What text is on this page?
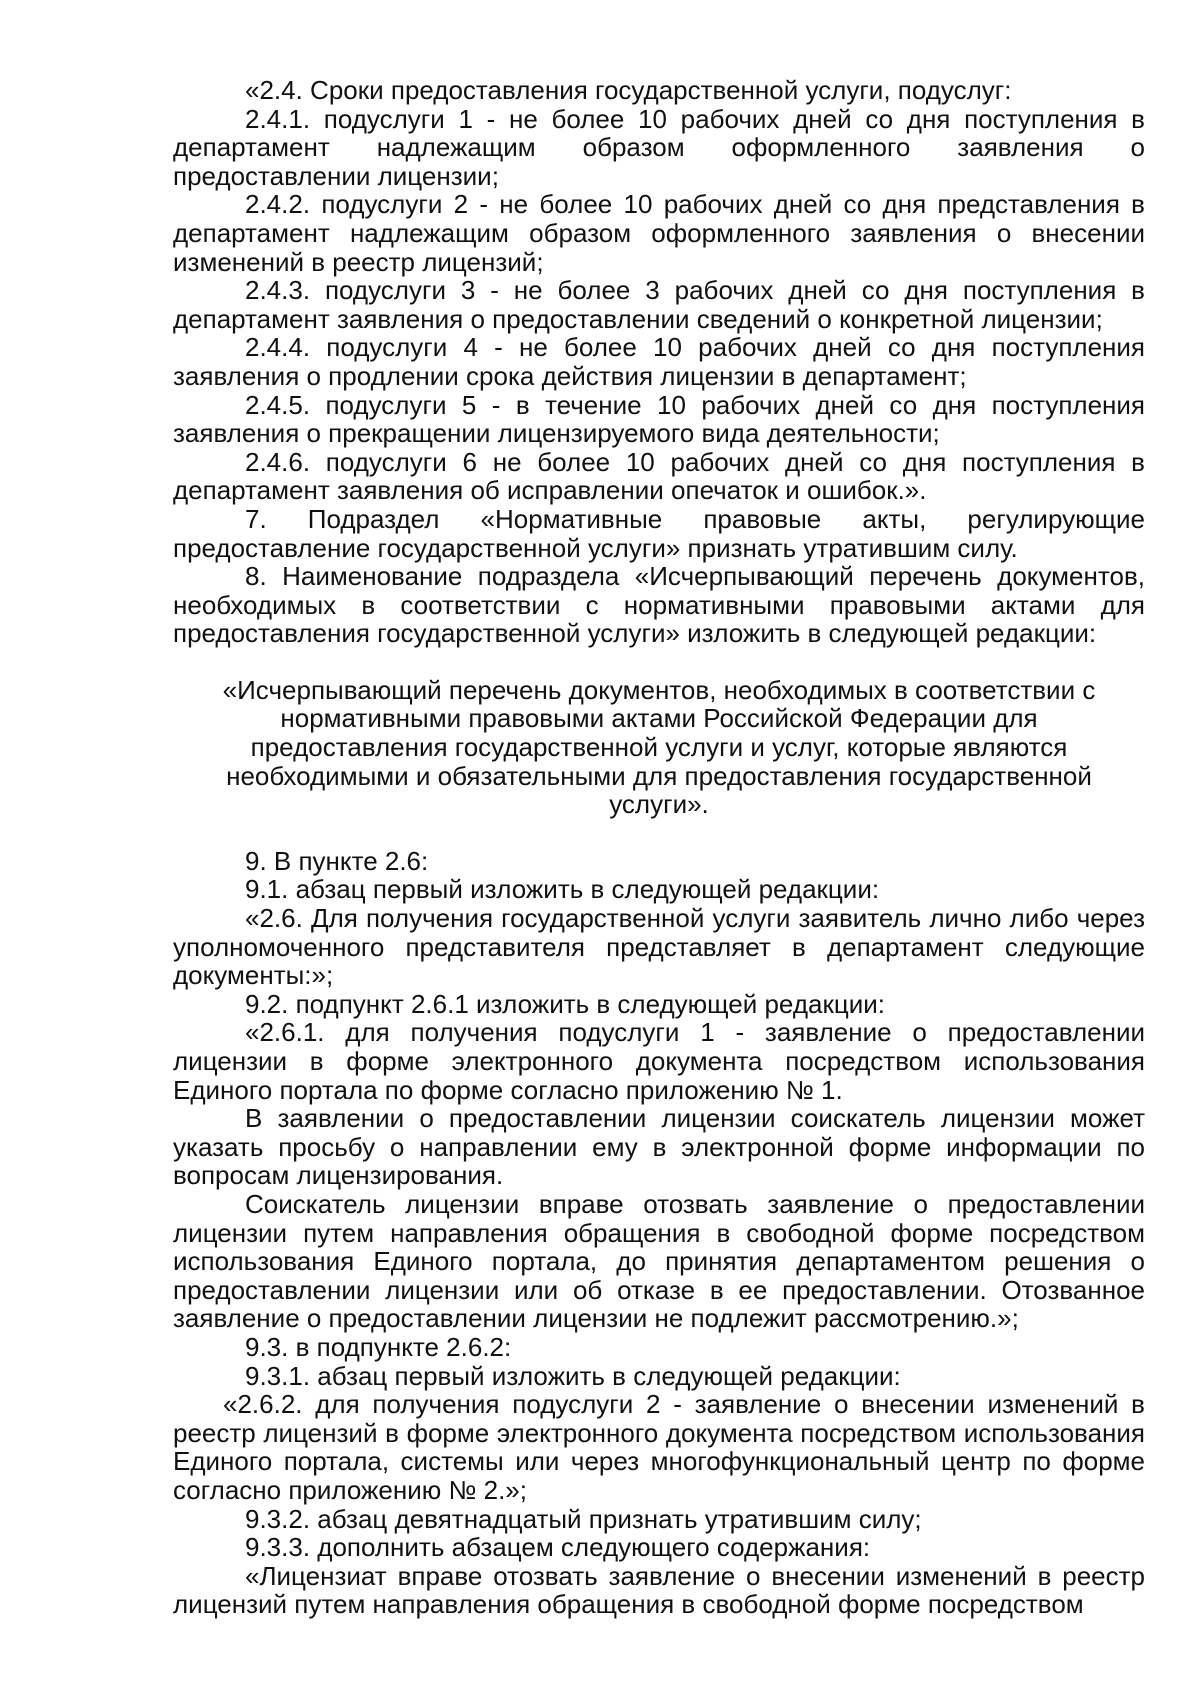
«2.4. Сроки предоставления государственной услуги, подуслуг:

2.4.1. подуслуги 1 - не более 10 рабочих дней со дня поступления в департамент надлежащим образом оформленного заявления о предоставлении лицензии;

2.4.2. подуслуги 2 - не более 10 рабочих дней со дня представления в департамент надлежащим образом оформленного заявления о внесении изменений в реестр лицензий;

2.4.3. подуслуги 3 - не более 3 рабочих дней со дня поступления в департамент заявления о предоставлении сведений о конкретной лицензии;

2.4.4. подуслуги 4 - не более 10 рабочих дней со дня поступления заявления о продлении срока действия лицензии в департамент;

2.4.5. подуслуги 5 - в течение 10 рабочих дней со дня поступления заявления о прекращении лицензируемого вида деятельности;

2.4.6. подуслуги 6 не более 10 рабочих дней со дня поступления в департамент заявления об исправлении опечаток и ошибок.».

7. Подраздел «Нормативные правовые акты, регулирующие предоставление государственной услуги» признать утратившим силу.

8. Наименование подраздела «Исчерпывающий перечень документов, необходимых в соответствии с нормативными правовыми актами для предоставления государственной услуги» изложить в следующей редакции:

«Исчерпывающий перечень документов, необходимых в соответствии с нормативными правовыми актами Российской Федерации для предоставления государственной услуги и услуг, которые являются необходимыми и обязательными для предоставления государственной услуги».

9. В пункте 2.6:

9.1. абзац первый изложить в следующей редакции:

«2.6. Для получения государственной услуги заявитель лично либо через уполномоченного представителя представляет в департамент следующие документы:»;

9.2. подпункт 2.6.1 изложить в следующей редакции:

«2.6.1. для получения подуслуги 1 - заявление о предоставлении лицензии в форме электронного документа посредством использования Единого портала по форме согласно приложению № 1.

В заявлении о предоставлении лицензии соискатель лицензии может указать просьбу о направлении ему в электронной форме информации по вопросам лицензирования.

Соискатель лицензии вправе отозвать заявление о предоставлении лицензии путем направления обращения в свободной форме посредством использования Единого портала, до принятия департаментом решения о предоставлении лицензии или об отказе в ее предоставлении. Отозванное заявление о предоставлении лицензии не подлежит рассмотрению.»;

9.3. в подпункте 2.6.2:

9.3.1. абзац первый изложить в следующей редакции:

«2.6.2. для получения подуслуги 2 - заявление о внесении изменений в реестр лицензий в форме электронного документа посредством использования Единого портала, системы или через многофункциональный центр по форме согласно приложению № 2.»;

9.3.2. абзац девятнадцатый признать утратившим силу;

9.3.3. дополнить абзацем следующего содержания:

«Лицензиат вправе отозвать заявление о внесении изменений в реестр лицензий путем направления обращения в свободной форме посредством
